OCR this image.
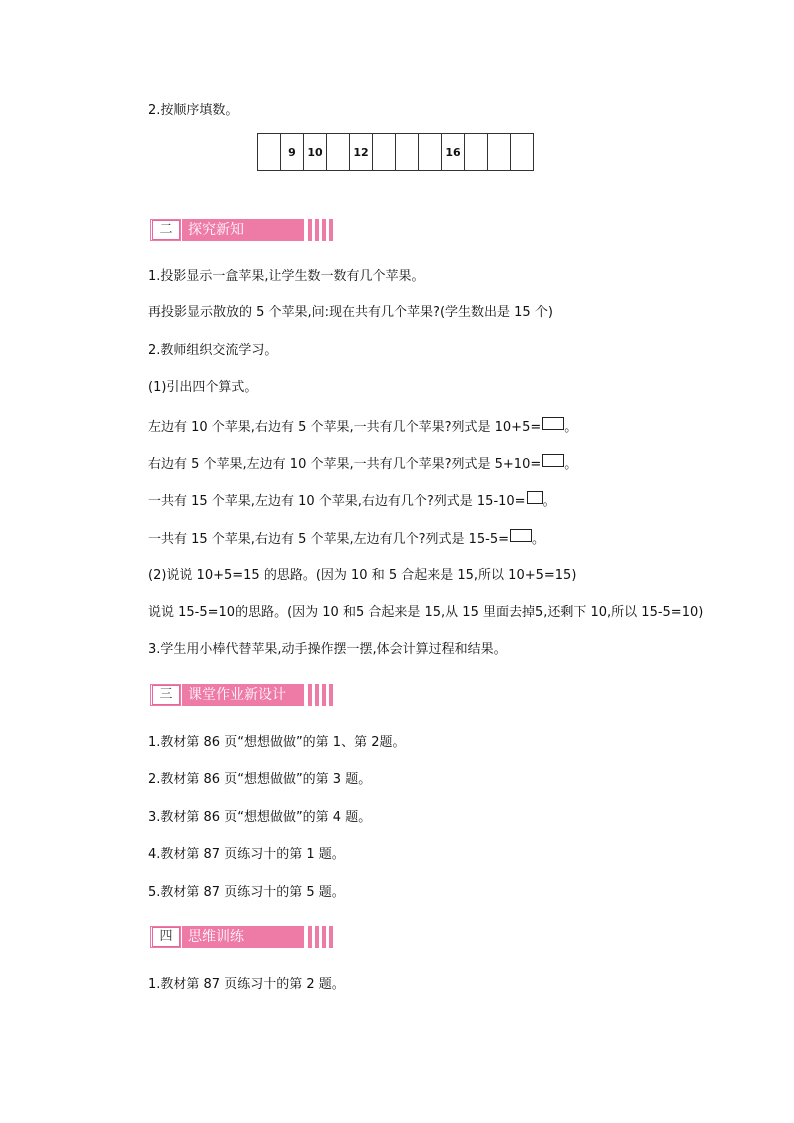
2.按顺序填数。
	9	10		12				16			
二	探究新知
1.投影显示一盒苹果,让学生数一数有几个苹果。
再投影显示散放的 5 个苹果,问:现在共有几个苹果?(学生数出是 15 个)
2.教师组织交流学习。
(1)引出四个算式。
左边有 10 个苹果,右边有 5 个苹果,一共有几个苹果?列式是 10+5= 。
右边有 5 个苹果,左边有 10 个苹果,一共有几个苹果?列式是 5+10= 。
一共有 15 个苹果,左边有 10 个苹果,右边有几个?列式是 15-10= 。
一共有 15 个苹果,右边有 5 个苹果,左边有几个?列式是 15-5= 。
(2)说说 10+5=15 的思路。(因为 10 和 5 合起来是 15,所以 10+5=15)
说说 15-5=10的思路。(因为 10 和5 合起来是 15,从 15 里面去掉5,还剩下 10,所以 15-5=10)
3.学生用小棒代替苹果,动手操作摆一摆,体会计算过程和结果。
三	课堂作业新设计
1.教材第 86 页“想想做做”的第 1、第 2题。
2.教材第 86 页“想想做做”的第 3 题。
3.教材第 86 页“想想做做”的第 4 题。
4.教材第 87 页练习十的第 1 题。
5.教材第 87 页练习十的第 5 题。
四	思维训练
1.教材第 87 页练习十的第 2 题。
